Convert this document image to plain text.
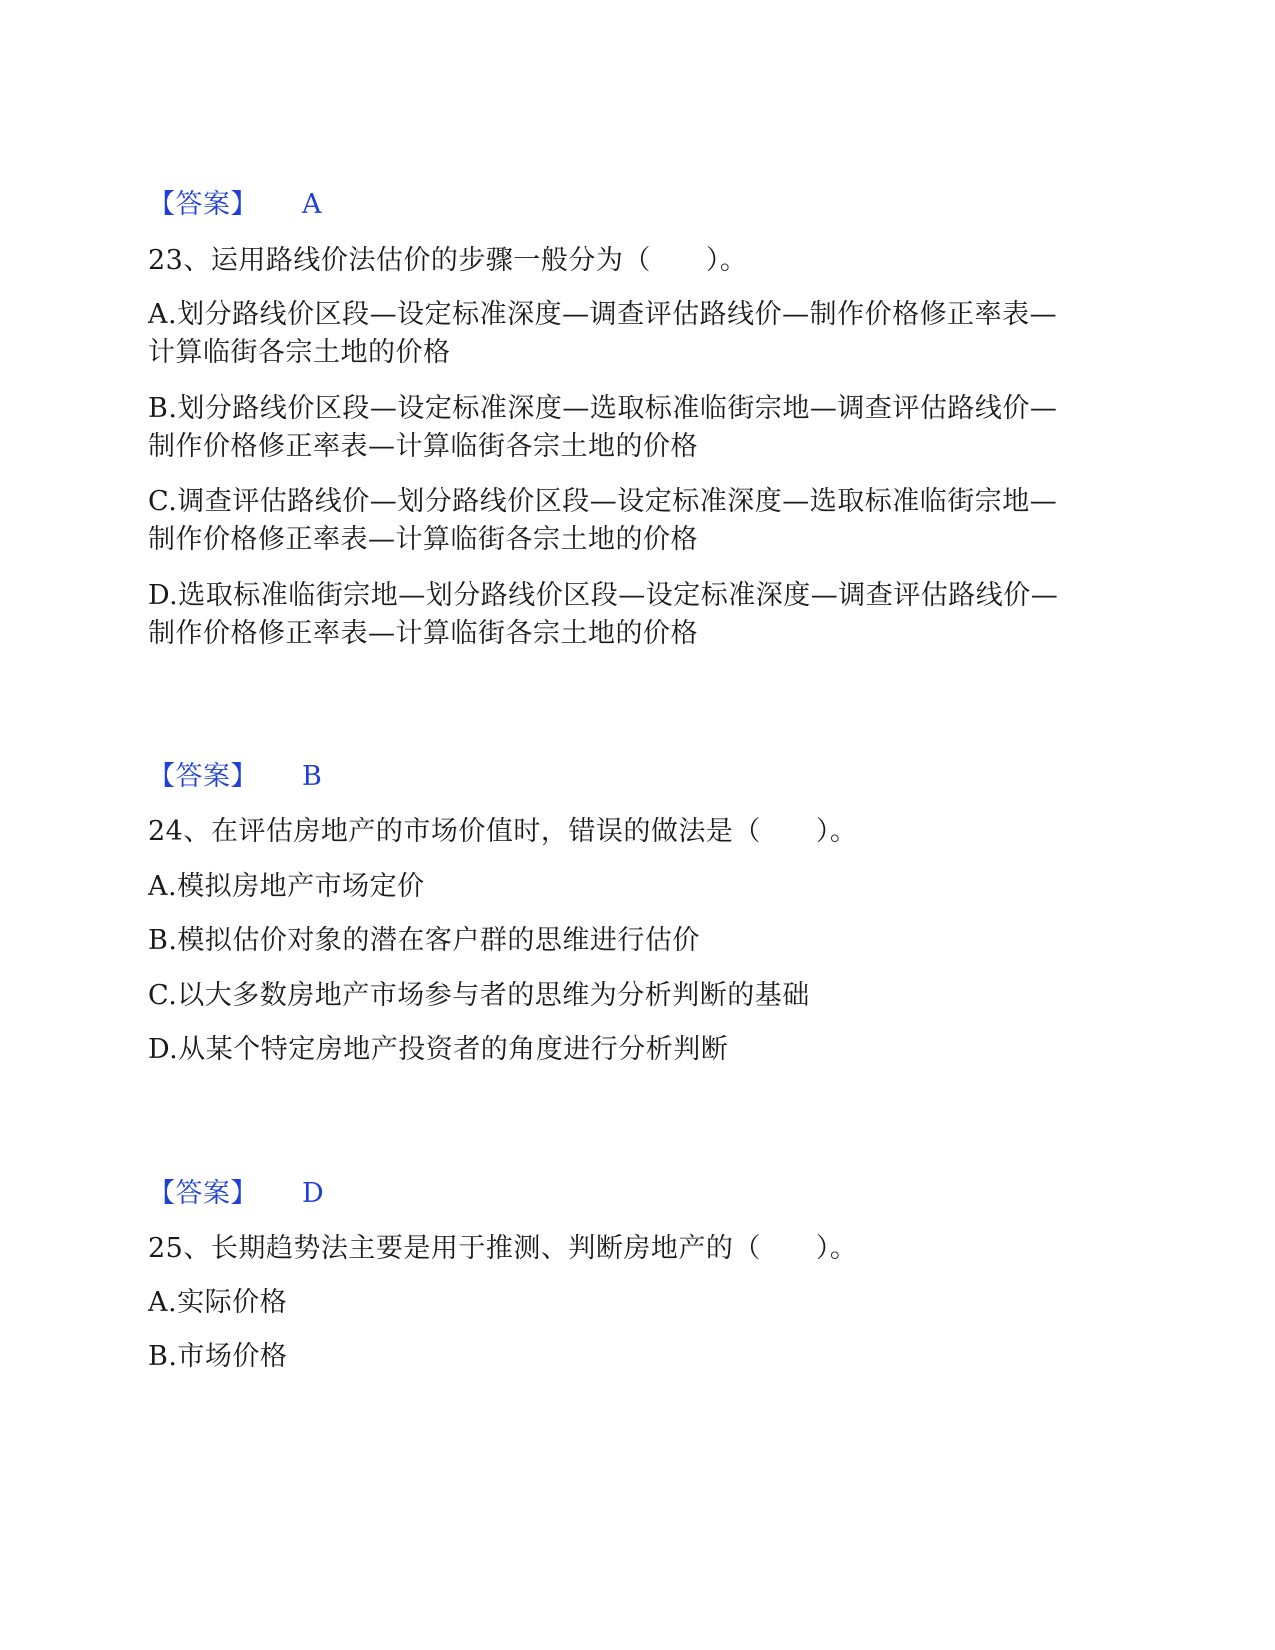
【答案】 A
23、运用路线价法估价的步骤一般分为（　　）。
A.划分路线价区段—设定标准深度—调查评估路线价—制作价格修正率表—
计算临街各宗土地的价格
B.划分路线价区段—设定标准深度—选取标准临街宗地—调查评估路线价—
制作价格修正率表—计算临街各宗土地的价格
C.调查评估路线价—划分路线价区段—设定标准深度—选取标准临街宗地—
制作价格修正率表—计算临街各宗土地的价格
D.选取标准临街宗地—划分路线价区段—设定标准深度—调查评估路线价—
制作价格修正率表—计算临街各宗土地的价格
【答案】 B
24、在评估房地产的市场价值时，错误的做法是（　　）。
A.模拟房地产市场定价
B.模拟估价对象的潜在客户群的思维进行估价
C.以大多数房地产市场参与者的思维为分析判断的基础
D.从某个特定房地产投资者的角度进行分析判断
【答案】 D
25、长期趋势法主要是用于推测、判断房地产的（　　）。
A.实际价格
B.市场价格
